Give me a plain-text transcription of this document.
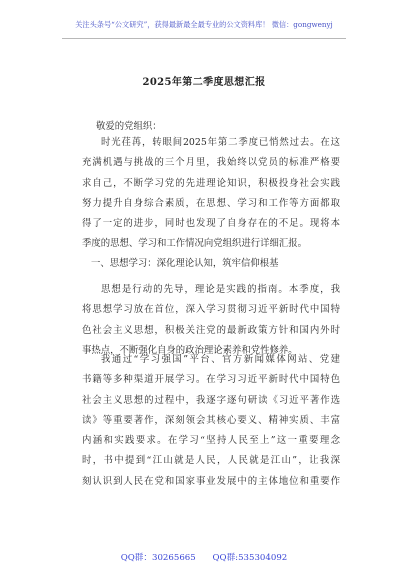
关注头条号“公文研究”，获得最新最全最专业的公文资料库！ 微信：gongwenyj
2025年第二季度思想汇报
敬爱的党组织：
时光荏苒，转眼间2025年第二季度已悄然过去。在这
充满机遇与挑战的三个月里，我始终以党员的标准严格要
求自己，不断学习党的先进理论知识，积极投身社会实践
努力提升自身综合素质，在思想、学习和工作等方面都取
得了一定的进步，同时也发现了自身存在的不足。现将本
季度的思想、学习和工作情况向党组织进行详细汇报。
一、思想学习：深化理论认知，筑牢信仰根基
思想是行动的先导，理论是实践的指南。本季度，我
将思想学习放在首位，深入学习贯彻习近平新时代中国特
色社会主义思想，积极关注党的最新政策方针和国内外时
事热点，不断强化自身的政治理论素养和党性修养。
我通过“学习强国”平台、官方新闻媒体网站、党建
书籍等多种渠道开展学习。在学习习近平新时代中国特色
社会主义思想的过程中，我逐字逐句研读《习近平著作选
读》等重要著作，深刻领会其核心要义、精神实质、丰富
内涵和实践要求。在学习“坚持人民至上”这一重要理念
时，书中提到“江山就是人民，人民就是江山”，让我深
刻认识到人民在党和国家事业发展中的主体地位和重要作
QQ群：30265665 QQ群:535304092
